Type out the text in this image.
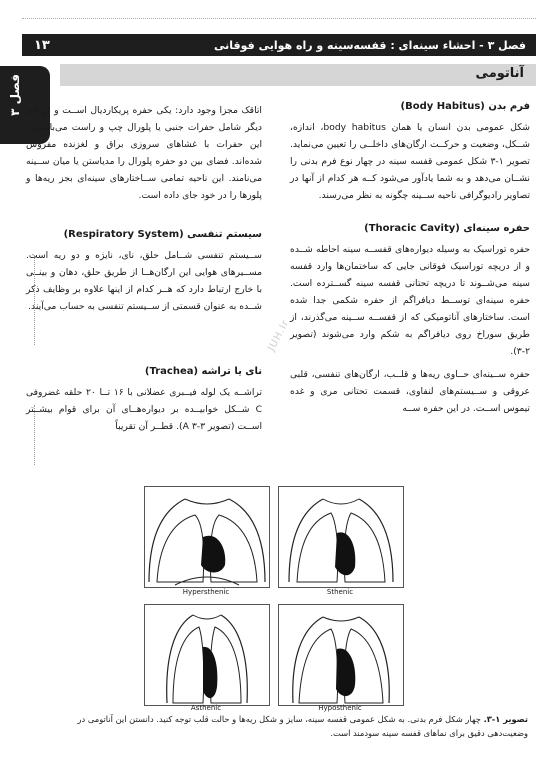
۱۳	فصل ۳ - احشاء سینه‌ای : قفسه‌سینه و راه هوایی فوقانی
فصل ۳
آناتومی
فرم بدن (Body Habitus)

شکل عمومی بدن انسان یا همان body habitus، اندازه، شــکل، وضعیت و حرکــت ارگان‌های داخلــی را تعیین می‌نماید. تصویر ۱-۳ شکل عمومی قفسه سینه در چهار نوع فرم بدنی را نشــان می‌دهد و به شما یادآور می‌شود کــه هر کدام از آنها در تصاویر رادیوگرافی ناحیه ســینه چگونه به نظر می‌رسند.

حفره سینه‌ای (Thoracic Cavity)

حفره توراسیک به وسیله دیواره‌های قفســه سینه احاطه شــده و از دریچه توراسیک فوقانی جایی که ساختمان‌ها وارد قفسه سینه می‌شــوند تا دریچه تحتانی قفسه سینه گســترده است. حفره سینه‌ای توســط دیافراگم از حفره شکمی جدا شده است. ساختارهای آناتومیکی که از قفســه ســینه می‌گذرند، از طریق سوراخ روی دیافراگم به شکم وارد می‌شوند (تصویر ۲-۳).

حفره ســینه‌ای حــاوی ریه‌ها و قلــب، ارگان‌های تنفسی، قلبی عروقی و ســیستم‌های لنفاوی، قسمت تحتانی مری و غده تیموس اســت. در این حفره ســه

اتاقک مجزا وجود دارد: یکی حفره پریکاردیال اســت و دو تای دیگر شامل حفرات جنبی یا پلورال چپ و راست می‌باشــند. این حفرات با غشاهای سروزی براق و لغزنده مفروش شده‌اند. فضای بین دو حفره پلورال را مدیاستن یا میان ســینه می‌نامند. این ناحیه تمامی ســاختارهای سینه‌ای بجز ریه‌ها و پلورها را در خود جای داده است.

سیستم تنفسی (Respiratory System)

ســیستم تنفسی شــامل حلق، نای، نایژه و دو ریه است. مســیرهای هوایی این ارگان‌هــا از طریق حلق، دهان و بینــی با خارج ارتباط دارد که هــر کدام از اینها علاوه بر وظایف ذکر شــده به عنوان قسمتی از ســیستم تنفسی به حساب می‌آیند.

نای یا تراشه (Trachea)

تراشــه یک لوله فیــبری عضلانی با ۱۶ تــا ۲۰ حلقه غضروفی C شــکل خوابیــده بر دیواره‌هــای آن برای قوام بیشــتر اســت (تصویر A ۳-۳). قطــر آن تقریباً

JUH.Ir
Hypersthenic	Sthenic
Asthenic	Hyposthenic
تصویر ۱-۳. چهار شکل فرم بدنی. به شکل عمومی قفسه سینه، سایز و شکل ریه‌ها و حالت قلب توجه کنید. دانستن این آناتومی در وضعیت‌دهی دقیق برای نماهای قفسه سینه سودمند است.
